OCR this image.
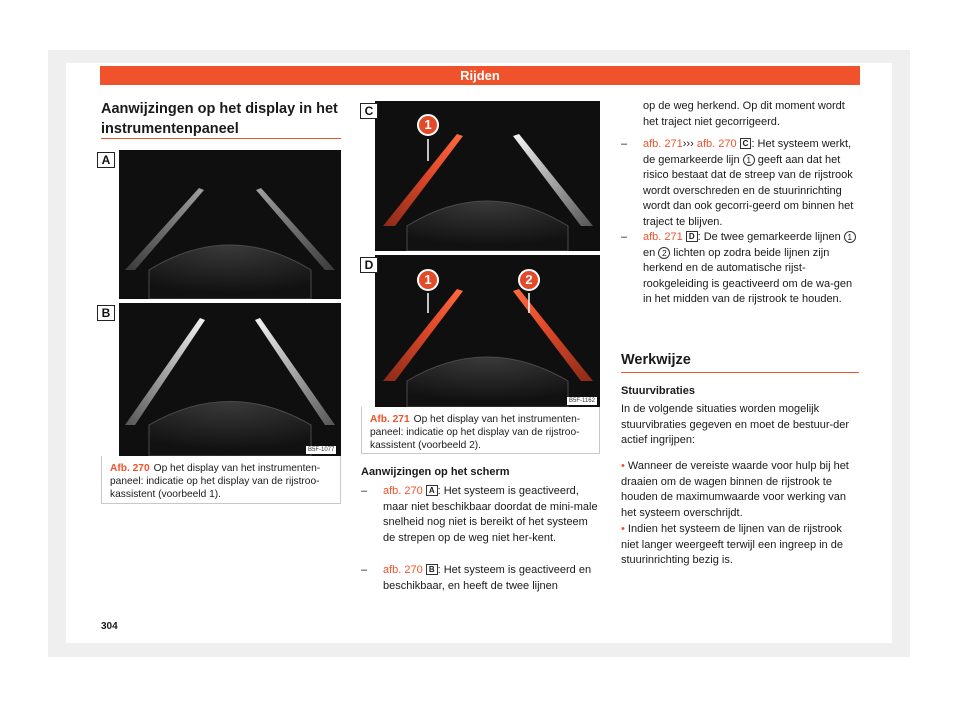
Rijden
Aanwijzingen op het display in het instrumentenpaneel
A
B
B5F-1077
Afb. 270 Op het display van het instrumenten-paneel: indicatie op het display van de rijstroo-kassistent (voorbeeld 1).
1
1	2
C
D
B5F-1162
Afb. 271 Op het display van het instrumenten-paneel: indicatie op het display van de rijstroo-kassistent (voorbeeld 2).
Aanwijzingen op het scherm
– afb. 270 A : Het systeem is geactiveerd, maar niet beschikbaar doordat de mini-male snelheid nog niet is bereikt of het systeem de strepen op de weg niet her-kent.
– afb. 270 B : Het systeem is geactiveerd en beschikbaar, en heeft de twee lijnen
op de weg herkend. Op dit moment wordt het traject niet gecorrigeerd.
– afb. 271››› afb. 270 C : Het systeem werkt, de gemarkeerde lijn 1 geeft aan dat het risico bestaat dat de streep van de rijstrook wordt overschreden en de stuurinrichting wordt dan ook gecorri-geerd om binnen het traject te blijven.
– afb. 271 D : De twee gemarkeerde lijnen 1 en 2 lichten op zodra beide lijnen zijn herkend en de automatische rijst-rookgeleiding is geactiveerd om de wa-gen in het midden van de rijstrook te houden.
Werkwijze
Stuurvibraties
In de volgende situaties worden mogelijk stuurvibraties gegeven en moet de bestuur-der actief ingrijpen:
• Wanneer de vereiste waarde voor hulp bij het draaien om de wagen binnen de rijstrook te houden de maximumwaarde voor werking van het systeem overschrijdt.
• Indien het systeem de lijnen van de rijstrook niet langer weergeeft terwijl een ingreep in de stuurinrichting bezig is.
304
